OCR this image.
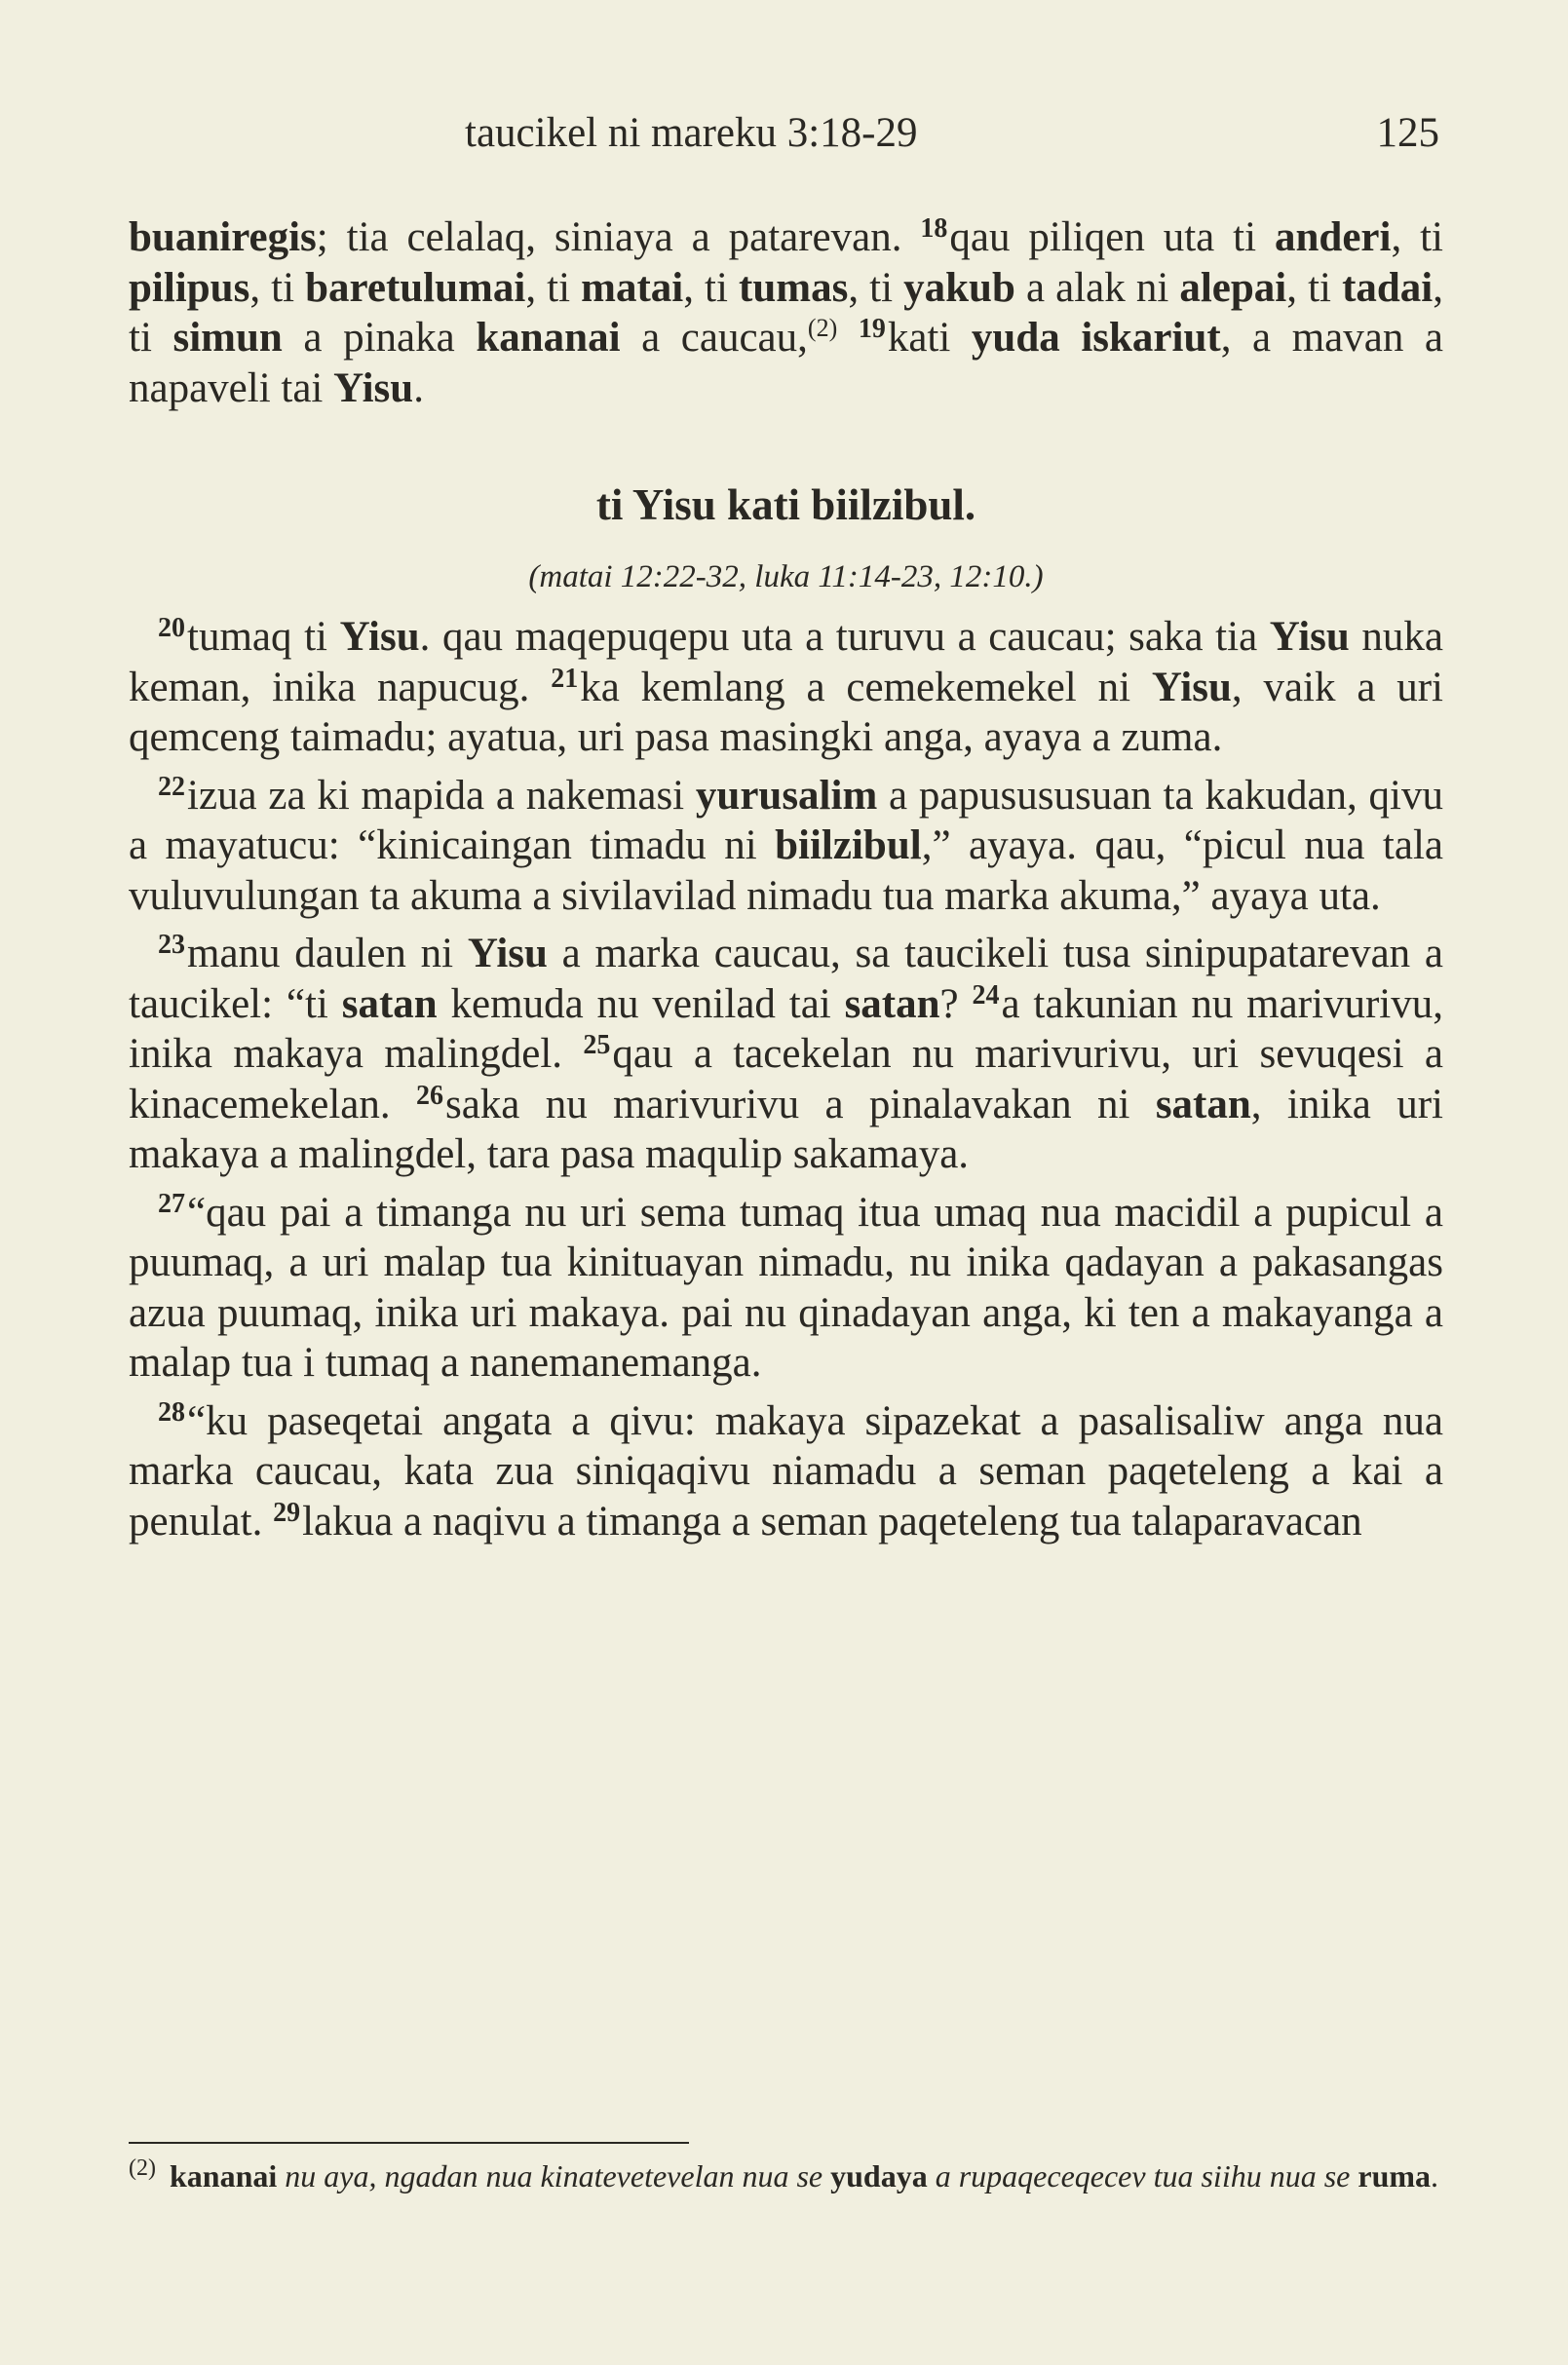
taucikel ni mareku 3:18-29	125

buaniregis; tia celalaq, siniaya a patarevan. $^{18}$qau piliqen uta ti anderi, ti pilipus, ti baretulumai, ti matai, ti tumas, ti yakub a alak ni alepai, ti tadai, ti simun a pinaka kananai a caucau,$^{(2)}$ $^{19}$kati yuda iskariut, a mavan a napaveli tai Yisu.

ti Yisu kati biilzibul.

(matai 12:22-32, luka 11:14-23, 12:10.)

$^{20}$tumaq ti Yisu. qau maqepuqepu uta a turuvu a caucau; saka tia Yisu nuka keman, inika napucug. $^{21}$ka kemlang a cemekemekel ni Yisu, vaik a uri qemceng taimadu; ayatua, uri pasa masingki anga, ayaya a zuma.

$^{22}$izua za ki mapida a nakemasi yurusalim a papusususuan ta kakudan, qivu a mayatucu: “kinicaingan timadu ni biilzibul,” ayaya. qau, “picul nua tala vuluvulungan ta akuma a sivilavilad nimadu tua marka akuma,” ayaya uta.

$^{23}$manu daulen ni Yisu a marka caucau, sa taucikeli tusa sinipupatarevan a taucikel: “ti satan kemuda nu venilad tai satan? $^{24}$a takunian nu marivurivu, inika makaya malingdel. $^{25}$qau a tacekelan nu marivurivu, uri sevuqesi a kinacemekelan. $^{26}$saka nu marivurivu a pinalavakan ni satan, inika uri makaya a malingdel, tara pasa maqulip sakamaya.

$^{27}$“qau pai a timanga nu uri sema tumaq itua umaq nua macidil a pupicul a puumaq, a uri malap tua kinituayan nimadu, nu inika qadayan a pakasangas azua puumaq, inika uri makaya. pai nu qinadayan anga, ki ten a makayanga a malap tua i tumaq a nanemanemanga.

$^{28}$“ku paseqetai angata a qivu: makaya sipazekat a pasalisaliw anga nua marka caucau, kata zua siniqaqivu niamadu a seman paqeteleng a kai a penulat. $^{29}$lakua a naqivu a timanga a seman paqeteleng tua talaparavacan

$^{(2)}$ kananai nu aya, ngadan nua kinatevetevelan nua se yudaya a rupaqeceqecev tua siihu nua se ruma.
